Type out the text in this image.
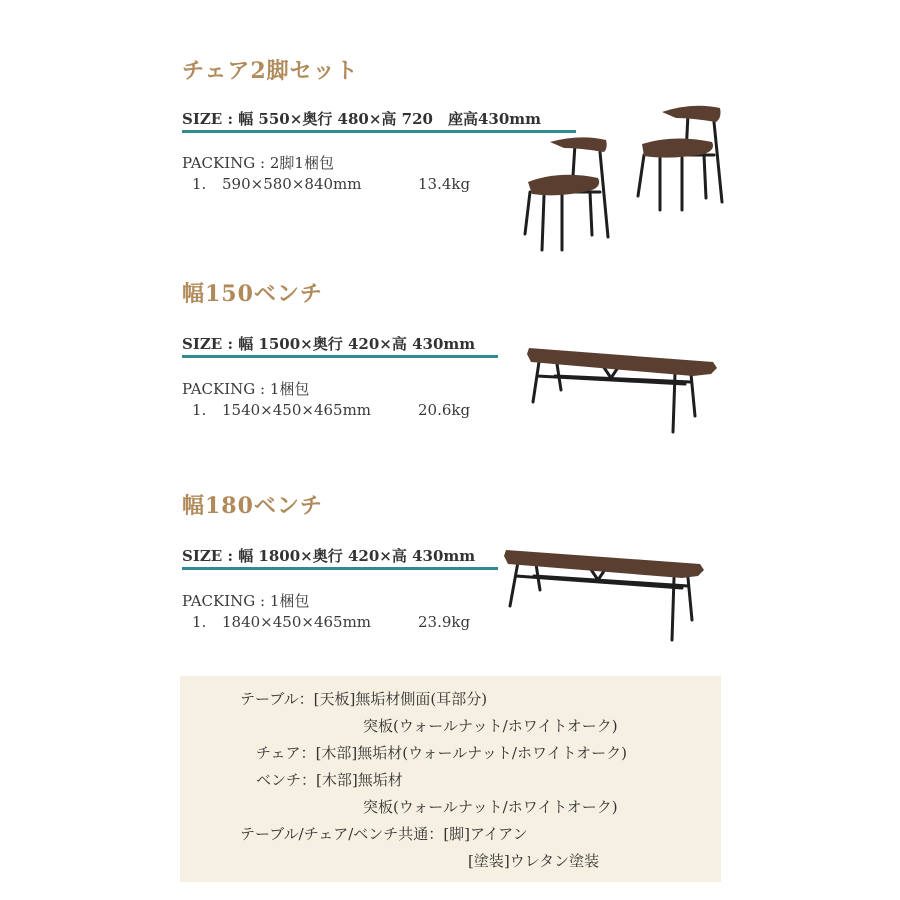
チェア2脚セット
SIZE : 幅 550×奥行 480×高 720　座高430mm
PACKING : 2脚1梱包
1. 590×580×840mm	13.4kg
幅150ベンチ
SIZE : 幅 1500×奥行 420×高 430mm
PACKING : 1梱包
1. 1540×450×465mm	20.6kg
幅180ベンチ
SIZE : 幅 1800×奥行 420×高 430mm
PACKING : 1梱包
1. 1840×450×465mm	23.9kg
テーブル：[天板]無垢材側面(耳部分)
突板(ウォールナット/ホワイトオーク)
チェア：[木部]無垢材(ウォールナット/ホワイトオーク)
ベンチ：[木部]無垢材
突板(ウォールナット/ホワイトオーク)
テーブル/チェア/ベンチ共通：[脚]アイアン
[塗装]ウレタン塗装
